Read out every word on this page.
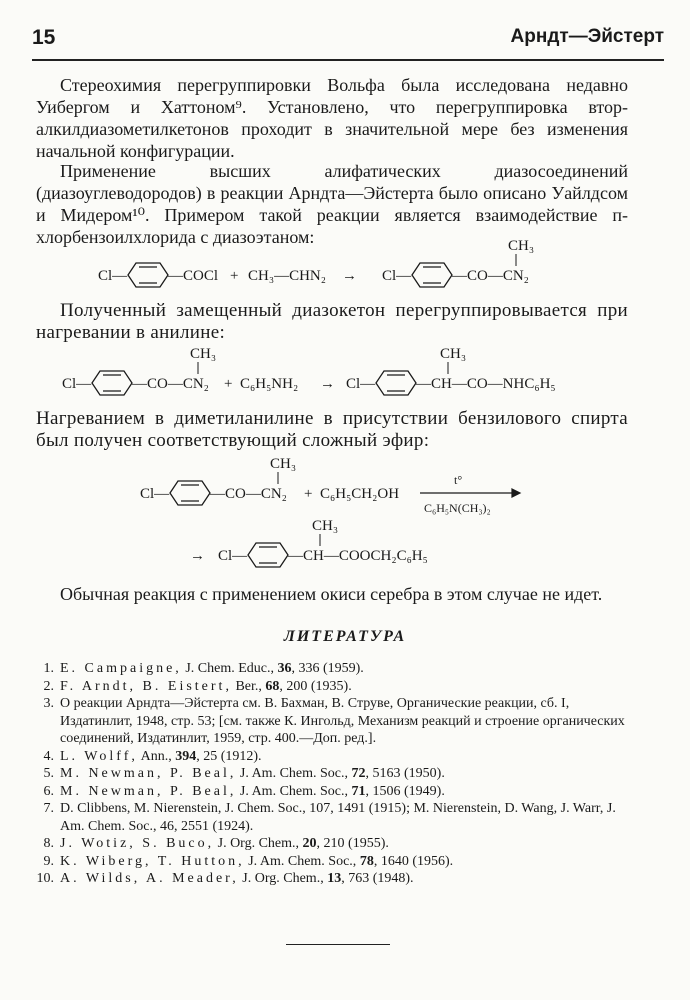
15	Арндт—Эйстерт
Стереохимия перегруппировки Вольфа была исследована недавно Уибергом и Хаттоном⁹. Установлено, что перегруппировка втор-алкилдиазометилкетонов проходит в значительной мере без изменения начальной конфигурации.
Применение высших алифатических диазосоединений (диазоуглеводородов) в реакции Арндта—Эйстерта было описано Уайлдсом и Мидером¹⁰. Примером такой реакции является взаимодействие п-хлорбензоилхлорида с диазоэтаном:
Cl—	—COCl + CH₃—CHN₂ → Cl—	—CO—CN₂
CH₃
Полученный замещенный диазокетон перегруппировывается при нагревании в анилине:
Cl—	—CO—CN₂
CH₃
+ C₆H₅NH₂ → Cl—	—CH—CO—NHC₆H₅
CH₃
Нагреванием в диметиланилине в присутствии бензилового спирта был получен соответствующий сложный эфир:
Cl—	—CO—CN₂
CH₃
+ C₆H₅CH₂OH
t°
C₆H₅N(CH₃)₂
→ Cl—	—CH—COOCH₂C₆H₅
CH₃
Обычная реакция с применением окиси серебра в этом случае не идет.
ЛИТЕРАТУРА
1. E. Campaigne, J. Chem. Educ., 36, 336 (1959).
2. F. Arndt, B. Eistert, Ber., 68, 200 (1935).
3. О реакции Арндта—Эйстерта см. В. Бахман, В. Струве, Органические реакции, сб. I, Издатинлит, 1948, стр. 53; [см. также К. Ингольд, Механизм реакций и строение органических соединений, Издатинлит, 1959, стр. 400.—Доп. ред.].
4. L. Wolff, Ann., 394, 25 (1912).
5. M. Newman, P. Beal, J. Am. Chem. Soc., 72, 5163 (1950).
6. M. Newman, P. Beal, J. Am. Chem. Soc., 71, 1506 (1949).
7. D. Clibbens, M. Nierenstein, J. Chem. Soc., 107, 1491 (1915); M. Nierenstein, D. Wang, J. Warr, J. Am. Chem. Soc., 46, 2551 (1924).
8. J. Wotiz, S. Buco, J. Org. Chem., 20, 210 (1955).
9. K. Wiberg, T. Hutton, J. Am. Chem. Soc., 78, 1640 (1956).
10. A. Wilds, A. Meader, J. Org. Chem., 13, 763 (1948).
